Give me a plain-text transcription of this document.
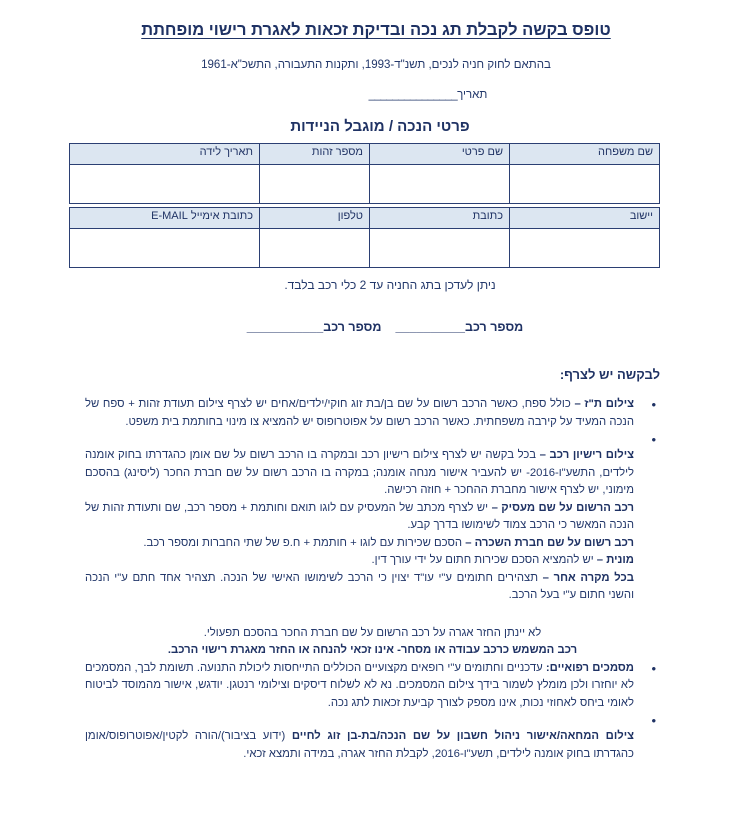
טופס בקשה לקבלת תג נכה ובדיקת זכאות לאגרת רישוי מופחתת

בהתאם לחוק חניה לנכים, תשנ"ד-1993, ותקנות התעבורה, התשכ"א-1961

תאריך_______________

פרטי הנכה / מוגבל הניידות
שם משפחה	שם פרטי	מספר זהות	תאריך לידה

יישוב	כתובת	טלפון	כתובת אימייל E-MAIL

ניתן לעדכן בתג החניה עד 2 כלי רכב בלבד.

מספר רכב__________מספר רכב___________

לבקשה יש לצרף:

• צילום ת"ז – כולל ספח, כאשר הרכב רשום על שם בן/בת זוג חוקי/ילדים/אחים יש לצרף צילום תעודת זהות + ספח של הנכה המעיד על קירבה משפחתית. כאשר הרכב רשום על אפוטרופוס יש להמציא צו מינוי בחותמת בית משפט.

• צילום רישיון רכב – בכל בקשה יש לצרף צילום רישיון רכב ובמקרה בו הרכב רשום על שם אומן כהגדרתו בחוק אומנה לילדים, התשע"ו-2016- יש להעביר אישור מנחה אומנה; במקרה בו הרכב רשום על שם חברת החכר (ליסינג) בהסכם מימוני, יש לצרף אישור מחברת ההחכר + חוזה רכישה.

רכב הרשום על שם מעסיק – יש לצרף מכתב של המעסיק עם לוגו תואם וחותמת + מספר רכב, שם ותעודת זהות של הנכה המאשר כי הרכב צמוד לשימושו בדרך קבע.

רכב רשום על שם חברת השכרה – הסכם שכירות עם לוגו + חותמת + ח.פ של שתי החברות ומספר רכב.

מונית – יש להמציא הסכם שכירות חתום על ידי עורך דין.

בכל מקרה אחר – תצהירים חתומים ע"י עו"ד יצוין כי הרכב לשימושו האישי של הנכה. תצהיר אחד חתם ע"י הנכה והשני חתום ע"י בעל הרכב.

לא יינתן החזר אגרה על רכב הרשום על שם חברת החכר בהסכם תפעולי.

רכב המשמש כרכב עבודה או מסחר- אינו זכאי להנחה או החזר מאגרת רישוי הרכב.

• מסמכים רפואיים: עדכניים וחתומים ע"י רופאים מקצועיים הכוללים התייחסות ליכולת התנועה. תשומת לבך, המסמכים לא יוחזרו ולכן מומלץ לשמור בידך צילום המסמכים. נא לא לשלוח דיסקים וצילומי רנטגן. יודגש, אישור מהמוסד לביטוח לאומי ביחס לאחוזי נכות, אינו מספק לצורך קביעת זכאות לתג נכה.

• צילום המחאה/אישור ניהול חשבון על שם הנכה/בת-בן זוג לחיים (ידוע בציבור)/הורה לקטין/אפוטרופוס/אומן כהגדרתו בחוק אומנה לילדים, תשע"ו-2016, לקבלת החזר אגרה, במידה ותמצא זכאי.
